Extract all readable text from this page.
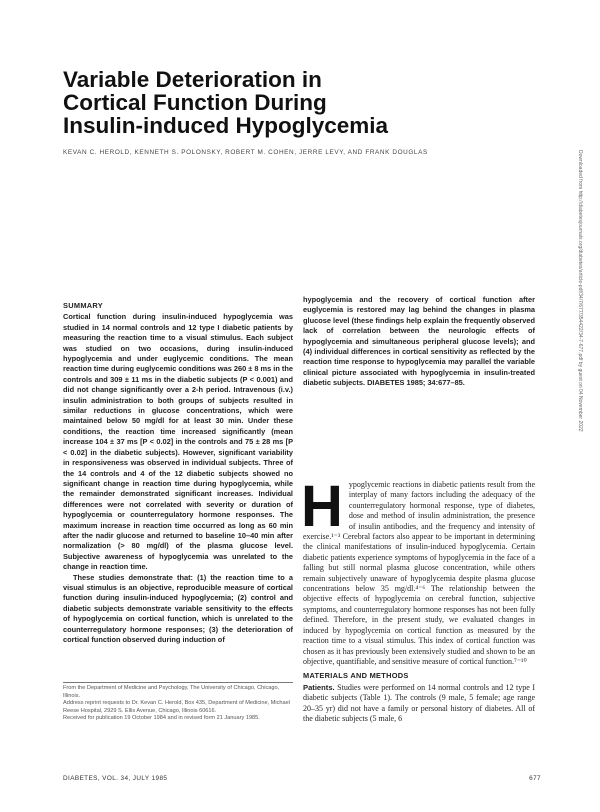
Variable Deterioration in
Cortical Function During
Insulin-induced Hypoglycemia
KEVAN C. HEROLD, KENNETH S. POLONSKY, ROBERT M. COHEN, JERRE LEVY, AND FRANK DOUGLAS	Downloaded from http://diabetesjournals.org/diabetes/article-pdf/34/7/677/354422/34-7-677.pdf by guest on 04 November 2022

SUMMARY

Cortical function during insulin-induced hypoglycemia was studied in 14 normal controls and 12 type I diabetic patients by measuring the reaction time to a visual stimulus. Each subject was studied on two occasions, during insulin-induced hypoglycemia and under euglycemic conditions. The mean reaction time during euglycemic conditions was 260 ± 8 ms in the controls and 309 ± 11 ms in the diabetic subjects (P < 0.001) and did not change significantly over a 2-h period. Intravenous (i.v.) insulin administration to both groups of subjects resulted in similar reductions in glucose concentrations, which were maintained below 50 mg/dl for at least 30 min. Under these conditions, the reaction time increased significantly (mean increase 104 ± 37 ms [P < 0.02] in the controls and 75 ± 28 ms [P < 0.02] in the diabetic subjects). However, significant variability in responsiveness was observed in individual subjects. Three of the 14 controls and 4 of the 12 diabetic subjects showed no significant change in reaction time during hypoglycemia, while the remainder demonstrated significant increases. Individual differences were not correlated with severity or duration of hypoglycemia or counterregulatory hormone responses. The maximum increase in reaction time occurred as long as 60 min after the nadir glucose and returned to baseline 10–40 min after normalization (> 80 mg/dl) of the plasma glucose level. Subjective awareness of hypoglycemia was unrelated to the change in reaction time.

These studies demonstrate that: (1) the reaction time to a visual stimulus is an objective, reproducible measure of cortical function during insulin-induced hypoglycemia; (2) control and diabetic subjects demonstrate variable sensitivity to the effects of hypoglycemia on cortical function, which is unrelated to the counterregulatory hormone responses; (3) the deterioration of cortical function observed during induction of

hypoglycemia and the recovery of cortical function after euglycemia is restored may lag behind the changes in plasma glucose level (these findings help explain the frequently observed lack of correlation between the neurologic effects of hypoglycemia and simultaneous peripheral glucose levels); and (4) individual differences in cortical sensitivity as reflected by the reaction time response to hypoglycemia may parallel the variable clinical picture associated with hypoglycemia in insulin-treated diabetic subjects. DIABETES 1985; 34:677–85.

H ypoglycemic reactions in diabetic patients result from the interplay of many factors including the adequacy of the counterregulatory hormonal response, type of diabetes, dose and method of insulin administration, the presence of insulin antibodies, and the frequency and intensity of exercise.¹⁻³ Cerebral factors also appear to be important in determining the clinical manifestations of insulin-induced hypoglycemia. Certain diabetic patients experience symptoms of hypoglycemia in the face of a falling but still normal plasma glucose concentration, while others remain subjectively unaware of hypoglycemia despite plasma glucose concentrations below 35 mg/dl.⁴⁻⁶ The relationship between the objective effects of hypoglycemia on cerebral function, subjective symptoms, and counterregulatory hormone responses has not been fully defined. Therefore, in the present study, we evaluated changes in induced by hypoglycemia on cortical function as measured by the reaction time to a visual stimulus. This index of cortical function was chosen as it has previously been extensively studied and shown to be an objective, quantifiable, and sensitive measure of cortical function.⁷⁻¹⁰

MATERIALS AND METHODS

Patients. Studies were performed on 14 normal controls and 12 type I diabetic subjects (Table 1). The controls (9 male, 5 female; age range 20–35 yr) did not have a family or personal history of diabetes. All of the diabetic subjects (5 male, 6

From the Department of Medicine and Psychology, The University of Chicago, Chicago, Illinois.

Address reprint requests to Dr. Kevan C. Herold, Box 435, Department of Medicine, Michael Reese Hospital, 2929 S. Ellis Avenue, Chicago, Illinois 60616.

Received for publication 19 October 1984 and in revised form 21 January 1985.

DIABETES, VOL. 34, JULY 1985	677
